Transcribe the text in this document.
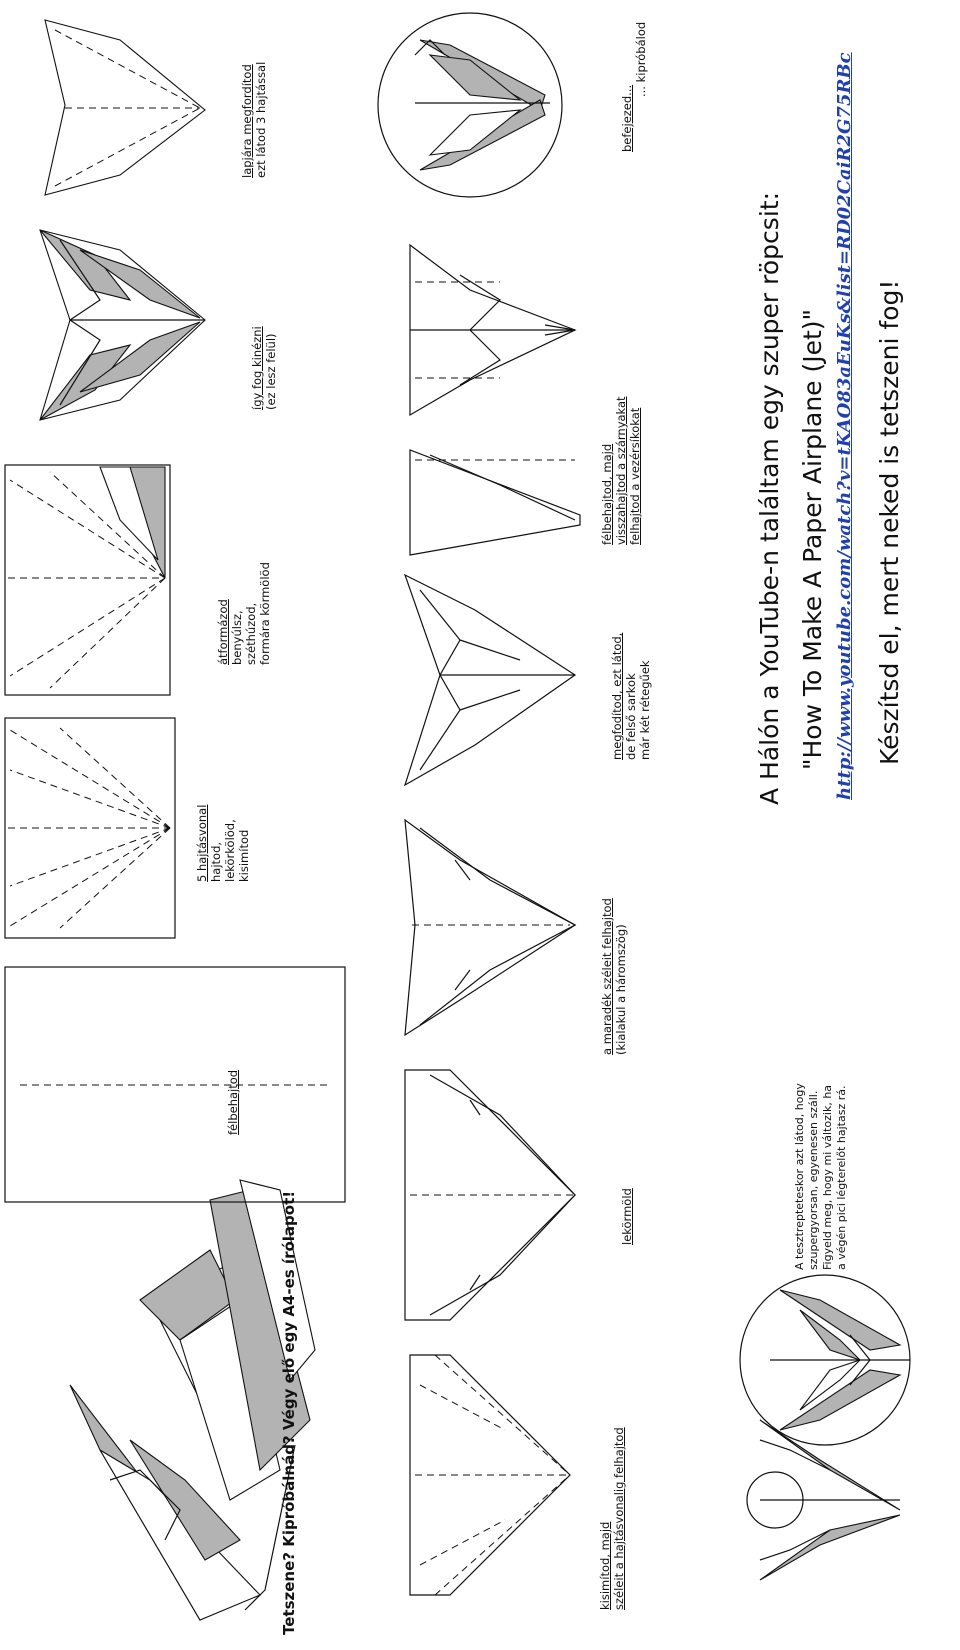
Tetszene? Kipróbálnád? Végy elő egy A4-es írólapot!
félbehajtod
5 hajtásvonal hajtod, lekörkölöd, kisimítod
átformázod benyúlsz, széthúzod, formára körmölöd
így fog kinézni (ez lesz felül)
lapjára megfordítod ezt látod 3 hajtással
kisimítod, majd széleit a hajtásvonalig felhajtod
lekörmöld
a maradék széleit felhajtod (kialakul a háromszög)
megfodítod, ezt látod, de felső sarkok már két rétegűek
félbehajtod, majd visszahajtod a szárnyakat felhajtod a vezérsíkokat
befejezed...
... kipróbálod
A tesztrepteteskor azt látod, hogy szupergyorsan, egyenesen száll. Figyeld meg, hogy mi változik, ha a végén pici légterelőt hajtasz rá.
A Hálón a YouTube-n találtam egy szuper röpcsit: "How To Make A Paper Airplane (Jet)" http://www.youtube.com/watch?v=tKAO83aEuKs&list=RD02CaiR2G75RBc Készítsd el, mert neked is tetszeni fog!
